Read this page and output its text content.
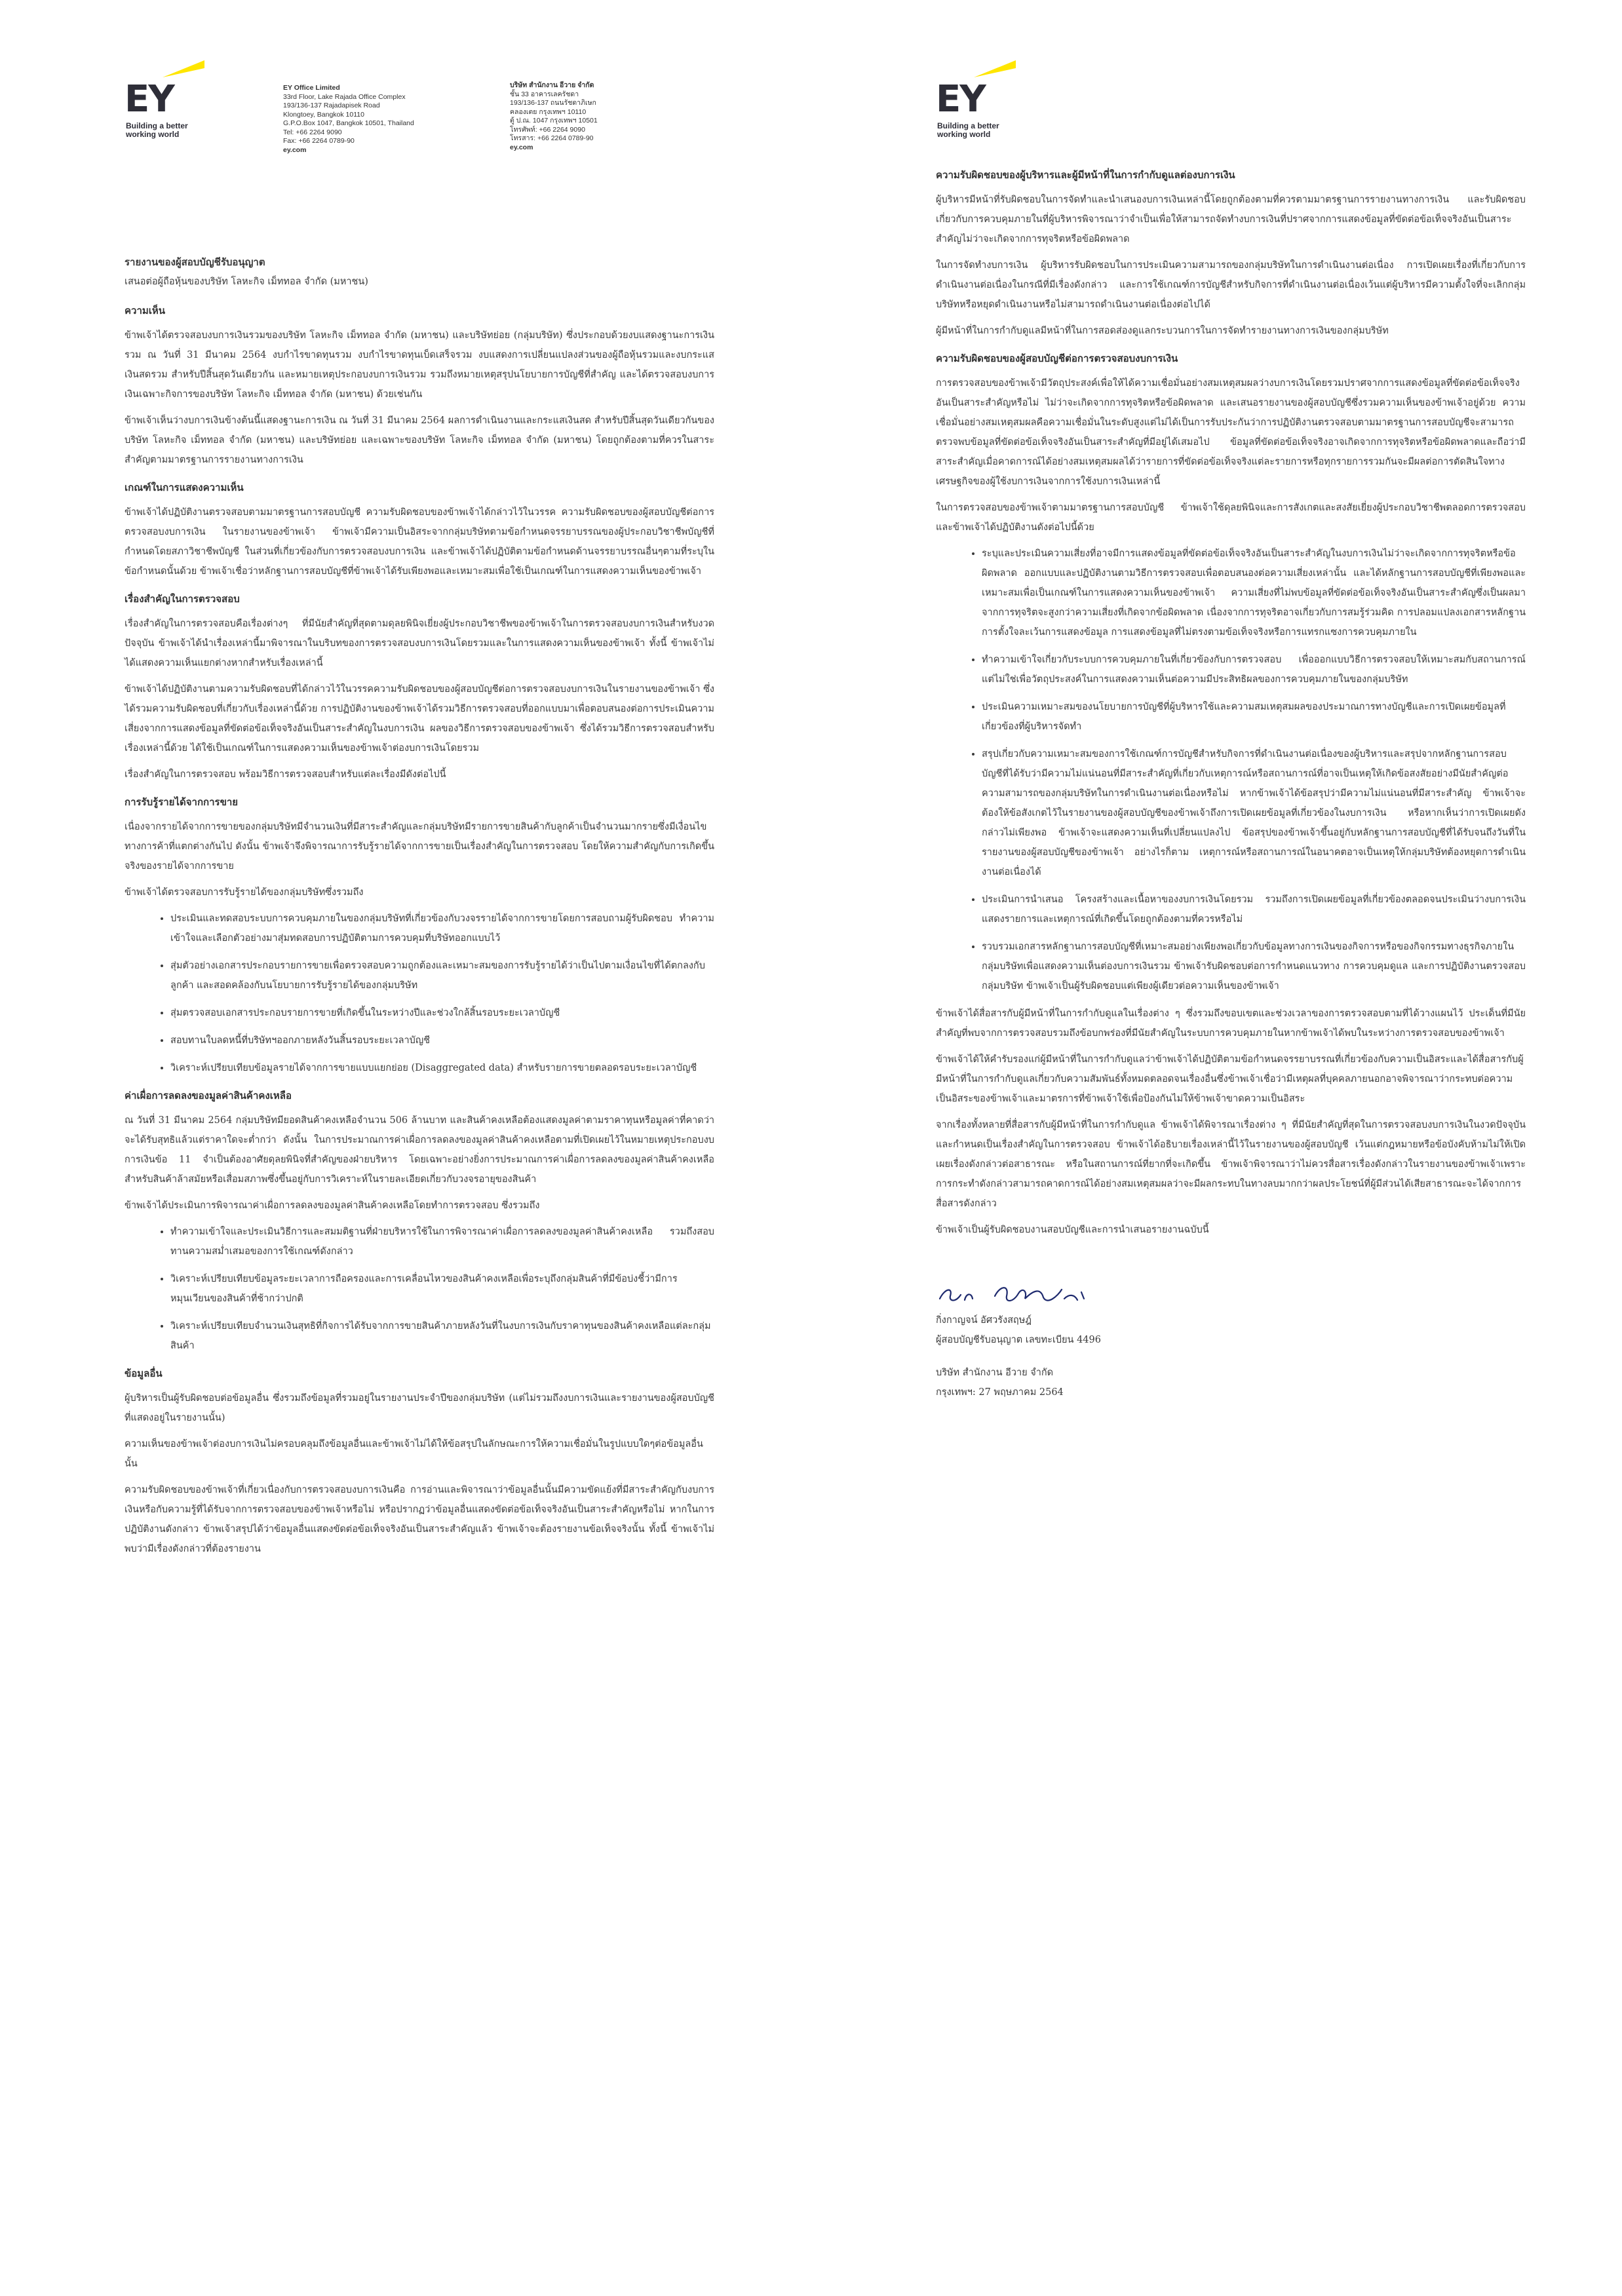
EY
Building a better
working world
EY Office Limited
33rd Floor, Lake Rajada Office Complex
193/136-137 Rajadapisek Road
Klongtoey, Bangkok 10110
G.P.O.Box 1047, Bangkok 10501, Thailand
Tel: +66 2264 9090
Fax: +66 2264 0789-90
ey.com
บริษัท สำนักงาน อีวาย จำกัด
ชั้น 33 อาคารเลครัชดา
193/136-137 ถนนรัชดาภิเษก
คลองเตย กรุงเทพฯ 10110
ตู้ ป.ณ. 1047 กรุงเทพฯ 10501
โทรศัพท์: +66 2264 9090
โทรสาร: +66 2264 0789-90
ey.com

รายงานของผู้สอบบัญชีรับอนุญาต

เสนอต่อผู้ถือหุ้นของบริษัท โลหะกิจ เม็ททอล จำกัด (มหาชน)

ความเห็น

ข้าพเจ้าได้ตรวจสอบงบการเงินรวมของบริษัท โลหะกิจ เม็ททอล จำกัด (มหาชน) และบริษัทย่อย (กลุ่มบริษัท) ซึ่งประกอบด้วยงบแสดงฐานะการเงินรวม ณ วันที่ 31 มีนาคม 2564 งบกำไรขาดทุนรวม งบกำไรขาดทุนเบ็ดเสร็จรวม งบแสดงการเปลี่ยนแปลงส่วนของผู้ถือหุ้นรวมและงบกระแสเงินสดรวม สำหรับปีสิ้นสุดวันเดียวกัน และหมายเหตุประกอบงบการเงินรวม รวมถึงหมายเหตุสรุปนโยบายการบัญชีที่สำคัญ และได้ตรวจสอบงบการเงินเฉพาะกิจการของบริษัท โลหะกิจ เม็ททอล จำกัด (มหาชน) ด้วยเช่นกัน

ข้าพเจ้าเห็นว่างบการเงินข้างต้นนี้แสดงฐานะการเงิน ณ วันที่ 31 มีนาคม 2564 ผลการดำเนินงานและกระแสเงินสด สำหรับปีสิ้นสุดวันเดียวกันของบริษัท โลหะกิจ เม็ททอล จำกัด (มหาชน) และบริษัทย่อย และเฉพาะของบริษัท โลหะกิจ เม็ททอล จำกัด (มหาชน) โดยถูกต้องตามที่ควรในสาระสำคัญตามมาตรฐานการรายงานทางการเงิน

เกณฑ์ในการแสดงความเห็น

ข้าพเจ้าได้ปฏิบัติงานตรวจสอบตามมาตรฐานการสอบบัญชี ความรับผิดชอบของข้าพเจ้าได้กล่าวไว้ในวรรค ความรับผิดชอบของผู้สอบบัญชีต่อการตรวจสอบงบการเงิน ในรายงานของข้าพเจ้า ข้าพเจ้ามีความเป็นอิสระจากกลุ่มบริษัทตามข้อกำหนดจรรยาบรรณของผู้ประกอบวิชาชีพบัญชีที่กำหนดโดยสภาวิชาชีพบัญชี ในส่วนที่เกี่ยวข้องกับการตรวจสอบงบการเงิน และข้าพเจ้าได้ปฏิบัติตามข้อกำหนดด้านจรรยาบรรณอื่นๆตามที่ระบุในข้อกำหนดนั้นด้วย ข้าพเจ้าเชื่อว่าหลักฐานการสอบบัญชีที่ข้าพเจ้าได้รับเพียงพอและเหมาะสมเพื่อใช้เป็นเกณฑ์ในการแสดงความเห็นของข้าพเจ้า

เรื่องสำคัญในการตรวจสอบ

เรื่องสำคัญในการตรวจสอบคือเรื่องต่างๆ ที่มีนัยสำคัญที่สุดตามดุลยพินิจเยี่ยงผู้ประกอบวิชาชีพของข้าพเจ้าในการตรวจสอบงบการเงินสำหรับงวดปัจจุบัน ข้าพเจ้าได้นำเรื่องเหล่านี้มาพิจารณาในบริบทของการตรวจสอบงบการเงินโดยรวมและในการแสดงความเห็นของข้าพเจ้า ทั้งนี้ ข้าพเจ้าไม่ได้แสดงความเห็นแยกต่างหากสำหรับเรื่องเหล่านี้

ข้าพเจ้าได้ปฏิบัติงานตามความรับผิดชอบที่ได้กล่าวไว้ในวรรคความรับผิดชอบของผู้สอบบัญชีต่อการตรวจสอบงบการเงินในรายงานของข้าพเจ้า ซึ่งได้รวมความรับผิดชอบที่เกี่ยวกับเรื่องเหล่านี้ด้วย การปฏิบัติงานของข้าพเจ้าได้รวมวิธีการตรวจสอบที่ออกแบบมาเพื่อตอบสนองต่อการประเมินความเสี่ยงจากการแสดงข้อมูลที่ขัดต่อข้อเท็จจริงอันเป็นสาระสำคัญในงบการเงิน ผลของวิธีการตรวจสอบของข้าพเจ้า ซึ่งได้รวมวิธีการตรวจสอบสำหรับเรื่องเหล่านี้ด้วย ได้ใช้เป็นเกณฑ์ในการแสดงความเห็นของข้าพเจ้าต่องบการเงินโดยรวม

เรื่องสำคัญในการตรวจสอบ พร้อมวิธีการตรวจสอบสำหรับแต่ละเรื่องมีดังต่อไปนี้

การรับรู้รายได้จากการขาย

เนื่องจากรายได้จากการขายของกลุ่มบริษัทมีจำนวนเงินที่มีสาระสำคัญและกลุ่มบริษัทมีรายการขายสินค้ากับลูกค้าเป็นจำนวนมากรายซึ่งมีเงื่อนไขทางการค้าที่แตกต่างกันไป ดังนั้น ข้าพเจ้าจึงพิจารณาการรับรู้รายได้จากการขายเป็นเรื่องสำคัญในการตรวจสอบ โดยให้ความสำคัญกับการเกิดขึ้นจริงของรายได้จากการขาย

ข้าพเจ้าได้ตรวจสอบการรับรู้รายได้ของกลุ่มบริษัทซึ่งรวมถึง

• ประเมินและทดสอบระบบการควบคุมภายในของกลุ่มบริษัทที่เกี่ยวข้องกับวงจรรายได้จากการขายโดยการสอบถามผู้รับผิดชอบ ทำความเข้าใจและเลือกตัวอย่างมาสุ่มทดสอบการปฏิบัติตามการควบคุมที่บริษัทออกแบบไว้
• สุ่มตัวอย่างเอกสารประกอบรายการขายเพื่อตรวจสอบความถูกต้องและเหมาะสมของการรับรู้รายได้ว่าเป็นไปตามเงื่อนไขที่ได้ตกลงกับลูกค้า และสอดคล้องกับนโยบายการรับรู้รายได้ของกลุ่มบริษัท
• สุ่มตรวจสอบเอกสารประกอบรายการขายที่เกิดขึ้นในระหว่างปีและช่วงใกล้สิ้นรอบระยะเวลาบัญชี
• สอบทานใบลดหนี้ที่บริษัทฯออกภายหลังวันสิ้นรอบระยะเวลาบัญชี
• วิเคราะห์เปรียบเทียบข้อมูลรายได้จากการขายแบบแยกย่อย (Disaggregated data) สำหรับรายการขายตลอดรอบระยะเวลาบัญชี
ค่าเผื่อการลดลงของมูลค่าสินค้าคงเหลือ

ณ วันที่ 31 มีนาคม 2564 กลุ่มบริษัทมียอดสินค้าคงเหลือจำนวน 506 ล้านบาท และสินค้าคงเหลือต้องแสดงมูลค่าตามราคาทุนหรือมูลค่าที่คาดว่าจะได้รับสุทธิแล้วแต่ราคาใดจะต่ำกว่า ดังนั้น ในการประมาณการค่าเผื่อการลดลงของมูลค่าสินค้าคงเหลือตามที่เปิดเผยไว้ในหมายเหตุประกอบงบการเงินข้อ 11 จำเป็นต้องอาศัยดุลยพินิจที่สำคัญของฝ่ายบริหาร โดยเฉพาะอย่างยิ่งการประมาณการค่าเผื่อการลดลงของมูลค่าสินค้าคงเหลือสำหรับสินค้าล้าสมัยหรือเสื่อมสภาพซึ่งขึ้นอยู่กับการวิเคราะห์ในรายละเอียดเกี่ยวกับวงจรอายุของสินค้า

ข้าพเจ้าได้ประเมินการพิจารณาค่าเผื่อการลดลงของมูลค่าสินค้าคงเหลือโดยทำการตรวจสอบ ซึ่งรวมถึง

• ทำความเข้าใจและประเมินวิธีการและสมมติฐานที่ฝ่ายบริหารใช้ในการพิจารณาค่าเผื่อการลดลงของมูลค่าสินค้าคงเหลือ รวมถึงสอบทานความสม่ำเสมอของการใช้เกณฑ์ดังกล่าว
• วิเคราะห์เปรียบเทียบข้อมูลระยะเวลาการถือครองและการเคลื่อนไหวของสินค้าคงเหลือเพื่อระบุถึงกลุ่มสินค้าที่มีข้อบ่งชี้ว่ามีการหมุนเวียนของสินค้าที่ช้ากว่าปกติ
• วิเคราะห์เปรียบเทียบจำนวนเงินสุทธิที่กิจการได้รับจากการขายสินค้าภายหลังวันที่ในงบการเงินกับราคาทุนของสินค้าคงเหลือแต่ละกลุ่มสินค้า
ข้อมูลอื่น

ผู้บริหารเป็นผู้รับผิดชอบต่อข้อมูลอื่น ซึ่งรวมถึงข้อมูลที่รวมอยู่ในรายงานประจำปีของกลุ่มบริษัท (แต่ไม่รวมถึงงบการเงินและรายงานของผู้สอบบัญชีที่แสดงอยู่ในรายงานนั้น)

ความเห็นของข้าพเจ้าต่องบการเงินไม่ครอบคลุมถึงข้อมูลอื่นและข้าพเจ้าไม่ได้ให้ข้อสรุปในลักษณะการให้ความเชื่อมั่นในรูปแบบใดๆต่อข้อมูลอื่นนั้น

ความรับผิดชอบของข้าพเจ้าที่เกี่ยวเนื่องกับการตรวจสอบงบการเงินคือ การอ่านและพิจารณาว่าข้อมูลอื่นนั้นมีความขัดแย้งที่มีสาระสำคัญกับงบการเงินหรือกับความรู้ที่ได้รับจากการตรวจสอบของข้าพเจ้าหรือไม่ หรือปรากฏว่าข้อมูลอื่นแสดงขัดต่อข้อเท็จจริงอันเป็นสาระสำคัญหรือไม่ หากในการปฏิบัติงานดังกล่าว ข้าพเจ้าสรุปได้ว่าข้อมูลอื่นแสดงขัดต่อข้อเท็จจริงอันเป็นสาระสำคัญแล้ว ข้าพเจ้าจะต้องรายงานข้อเท็จจริงนั้น ทั้งนี้ ข้าพเจ้าไม่พบว่ามีเรื่องดังกล่าวที่ต้องรายงาน

EY
Building a better
working world
ความรับผิดชอบของผู้บริหารและผู้มีหน้าที่ในการกำกับดูแลต่องบการเงิน

ผู้บริหารมีหน้าที่รับผิดชอบในการจัดทำและนำเสนองบการเงินเหล่านี้โดยถูกต้องตามที่ควรตามมาตรฐานการรายงานทางการเงิน และรับผิดชอบเกี่ยวกับการควบคุมภายในที่ผู้บริหารพิจารณาว่าจำเป็นเพื่อให้สามารถจัดทำงบการเงินที่ปราศจากการแสดงข้อมูลที่ขัดต่อข้อเท็จจริงอันเป็นสาระสำคัญไม่ว่าจะเกิดจากการทุจริตหรือข้อผิดพลาด

ในการจัดทำงบการเงิน ผู้บริหารรับผิดชอบในการประเมินความสามารถของกลุ่มบริษัทในการดำเนินงานต่อเนื่อง การเปิดเผยเรื่องที่เกี่ยวกับการดำเนินงานต่อเนื่องในกรณีที่มีเรื่องดังกล่าว และการใช้เกณฑ์การบัญชีสำหรับกิจการที่ดำเนินงานต่อเนื่องเว้นแต่ผู้บริหารมีความตั้งใจที่จะเลิกกลุ่มบริษัทหรือหยุดดำเนินงานหรือไม่สามารถดำเนินงานต่อเนื่องต่อไปได้

ผู้มีหน้าที่ในการกำกับดูแลมีหน้าที่ในการสอดส่องดูแลกระบวนการในการจัดทำรายงานทางการเงินของกลุ่มบริษัท

ความรับผิดชอบของผู้สอบบัญชีต่อการตรวจสอบงบการเงิน

การตรวจสอบของข้าพเจ้ามีวัตถุประสงค์เพื่อให้ได้ความเชื่อมั่นอย่างสมเหตุสมผลว่างบการเงินโดยรวมปราศจากการแสดงข้อมูลที่ขัดต่อข้อเท็จจริงอันเป็นสาระสำคัญหรือไม่ ไม่ว่าจะเกิดจากการทุจริตหรือข้อผิดพลาด และเสนอรายงานของผู้สอบบัญชีซึ่งรวมความเห็นของข้าพเจ้าอยู่ด้วย ความเชื่อมั่นอย่างสมเหตุสมผลคือความเชื่อมั่นในระดับสูงแต่ไม่ได้เป็นการรับประกันว่าการปฏิบัติงานตรวจสอบตามมาตรฐานการสอบบัญชีจะสามารถตรวจพบข้อมูลที่ขัดต่อข้อเท็จจริงอันเป็นสาระสำคัญที่มีอยู่ได้เสมอไป ข้อมูลที่ขัดต่อข้อเท็จจริงอาจเกิดจากการทุจริตหรือข้อผิดพลาดและถือว่ามีสาระสำคัญเมื่อคาดการณ์ได้อย่างสมเหตุสมผลได้ว่ารายการที่ขัดต่อข้อเท็จจริงแต่ละรายการหรือทุกรายการรวมกันจะมีผลต่อการตัดสินใจทางเศรษฐกิจของผู้ใช้งบการเงินจากการใช้งบการเงินเหล่านี้

ในการตรวจสอบของข้าพเจ้าตามมาตรฐานการสอบบัญชี ข้าพเจ้าใช้ดุลยพินิจและการสังเกตและสงสัยเยี่ยงผู้ประกอบวิชาชีพตลอดการตรวจสอบ และข้าพเจ้าได้ปฏิบัติงานดังต่อไปนี้ด้วย

• ระบุและประเมินความเสี่ยงที่อาจมีการแสดงข้อมูลที่ขัดต่อข้อเท็จจริงอันเป็นสาระสำคัญในงบการเงินไม่ว่าจะเกิดจากการทุจริตหรือข้อผิดพลาด ออกแบบและปฏิบัติงานตามวิธีการตรวจสอบเพื่อตอบสนองต่อความเสี่ยงเหล่านั้น และได้หลักฐานการสอบบัญชีที่เพียงพอและเหมาะสมเพื่อเป็นเกณฑ์ในการแสดงความเห็นของข้าพเจ้า ความเสี่ยงที่ไม่พบข้อมูลที่ขัดต่อข้อเท็จจริงอันเป็นสาระสำคัญซึ่งเป็นผลมาจากการทุจริตจะสูงกว่าความเสี่ยงที่เกิดจากข้อผิดพลาด เนื่องจากการทุจริตอาจเกี่ยวกับการสมรู้ร่วมคิด การปลอมแปลงเอกสารหลักฐาน การตั้งใจละเว้นการแสดงข้อมูล การแสดงข้อมูลที่ไม่ตรงตามข้อเท็จจริงหรือการแทรกแซงการควบคุมภายใน
• ทำความเข้าใจเกี่ยวกับระบบการควบคุมภายในที่เกี่ยวข้องกับการตรวจสอบ เพื่อออกแบบวิธีการตรวจสอบให้เหมาะสมกับสถานการณ์ แต่ไม่ใช่เพื่อวัตถุประสงค์ในการแสดงความเห็นต่อความมีประสิทธิผลของการควบคุมภายในของกลุ่มบริษัท
• ประเมินความเหมาะสมของนโยบายการบัญชีที่ผู้บริหารใช้และความสมเหตุสมผลของประมาณการทางบัญชีและการเปิดเผยข้อมูลที่เกี่ยวข้องที่ผู้บริหารจัดทำ
• สรุปเกี่ยวกับความเหมาะสมของการใช้เกณฑ์การบัญชีสำหรับกิจการที่ดำเนินงานต่อเนื่องของผู้บริหารและสรุปจากหลักฐานการสอบบัญชีที่ได้รับว่ามีความไม่แน่นอนที่มีสาระสำคัญที่เกี่ยวกับเหตุการณ์หรือสถานการณ์ที่อาจเป็นเหตุให้เกิดข้อสงสัยอย่างมีนัยสำคัญต่อความสามารถของกลุ่มบริษัทในการดำเนินงานต่อเนื่องหรือไม่ หากข้าพเจ้าได้ข้อสรุปว่ามีความไม่แน่นอนที่มีสาระสำคัญ ข้าพเจ้าจะต้องให้ข้อสังเกตไว้ในรายงานของผู้สอบบัญชีของข้าพเจ้าถึงการเปิดเผยข้อมูลที่เกี่ยวข้องในงบการเงิน หรือหากเห็นว่าการเปิดเผยดังกล่าวไม่เพียงพอ ข้าพเจ้าจะแสดงความเห็นที่เปลี่ยนแปลงไป ข้อสรุปของข้าพเจ้าขึ้นอยู่กับหลักฐานการสอบบัญชีที่ได้รับจนถึงวันที่ในรายงานของผู้สอบบัญชีของข้าพเจ้า อย่างไรก็ตาม เหตุการณ์หรือสถานการณ์ในอนาคตอาจเป็นเหตุให้กลุ่มบริษัทต้องหยุดการดำเนินงานต่อเนื่องได้
• ประเมินการนำเสนอ โครงสร้างและเนื้อหาของงบการเงินโดยรวม รวมถึงการเปิดเผยข้อมูลที่เกี่ยวข้องตลอดจนประเมินว่างบการเงินแสดงรายการและเหตุการณ์ที่เกิดขึ้นโดยถูกต้องตามที่ควรหรือไม่
• รวบรวมเอกสารหลักฐานการสอบบัญชีที่เหมาะสมอย่างเพียงพอเกี่ยวกับข้อมูลทางการเงินของกิจการหรือของกิจกรรมทางธุรกิจภายในกลุ่มบริษัทเพื่อแสดงความเห็นต่องบการเงินรวม ข้าพเจ้ารับผิดชอบต่อการกำหนดแนวทาง การควบคุมดูแล และการปฏิบัติงานตรวจสอบกลุ่มบริษัท ข้าพเจ้าเป็นผู้รับผิดชอบแต่เพียงผู้เดียวต่อความเห็นของข้าพเจ้า

ข้าพเจ้าได้สื่อสารกับผู้มีหน้าที่ในการกำกับดูแลในเรื่องต่าง ๆ ซึ่งรวมถึงขอบเขตและช่วงเวลาของการตรวจสอบตามที่ได้วางแผนไว้ ประเด็นที่มีนัยสำคัญที่พบจากการตรวจสอบรวมถึงข้อบกพร่องที่มีนัยสำคัญในระบบการควบคุมภายในหากข้าพเจ้าได้พบในระหว่างการตรวจสอบของข้าพเจ้า

ข้าพเจ้าได้ให้คำรับรองแก่ผู้มีหน้าที่ในการกำกับดูแลว่าข้าพเจ้าได้ปฏิบัติตามข้อกำหนดจรรยาบรรณที่เกี่ยวข้องกับความเป็นอิสระและได้สื่อสารกับผู้มีหน้าที่ในการกำกับดูแลเกี่ยวกับความสัมพันธ์ทั้งหมดตลอดจนเรื่องอื่นซึ่งข้าพเจ้าเชื่อว่ามีเหตุผลที่บุคคลภายนอกอาจพิจารณาว่ากระทบต่อความเป็นอิสระของข้าพเจ้าและมาตรการที่ข้าพเจ้าใช้เพื่อป้องกันไม่ให้ข้าพเจ้าขาดความเป็นอิสระ

จากเรื่องทั้งหลายที่สื่อสารกับผู้มีหน้าที่ในการกำกับดูแล ข้าพเจ้าได้พิจารณาเรื่องต่าง ๆ ที่มีนัยสำคัญที่สุดในการตรวจสอบงบการเงินในงวดปัจจุบันและกำหนดเป็นเรื่องสำคัญในการตรวจสอบ ข้าพเจ้าได้อธิบายเรื่องเหล่านี้ไว้ในรายงานของผู้สอบบัญชี เว้นแต่กฎหมายหรือข้อบังคับห้ามไม่ให้เปิดเผยเรื่องดังกล่าวต่อสาธารณะ หรือในสถานการณ์ที่ยากที่จะเกิดขึ้น ข้าพเจ้าพิจารณาว่าไม่ควรสื่อสารเรื่องดังกล่าวในรายงานของข้าพเจ้าเพราะการกระทำดังกล่าวสามารถคาดการณ์ได้อย่างสมเหตุสมผลว่าจะมีผลกระทบในทางลบมากกว่าผลประโยชน์ที่ผู้มีส่วนได้เสียสาธารณะจะได้จากการสื่อสารดังกล่าว

ข้าพเจ้าเป็นผู้รับผิดชอบงานสอบบัญชีและการนำเสนอรายงานฉบับนี้

กิ่งกาญจน์ อัศวรังสฤษฎ์
ผู้สอบบัญชีรับอนุญาต เลขทะเบียน 4496
บริษัท สำนักงาน อีวาย จำกัด
กรุงเทพฯ: 27 พฤษภาคม 2564
